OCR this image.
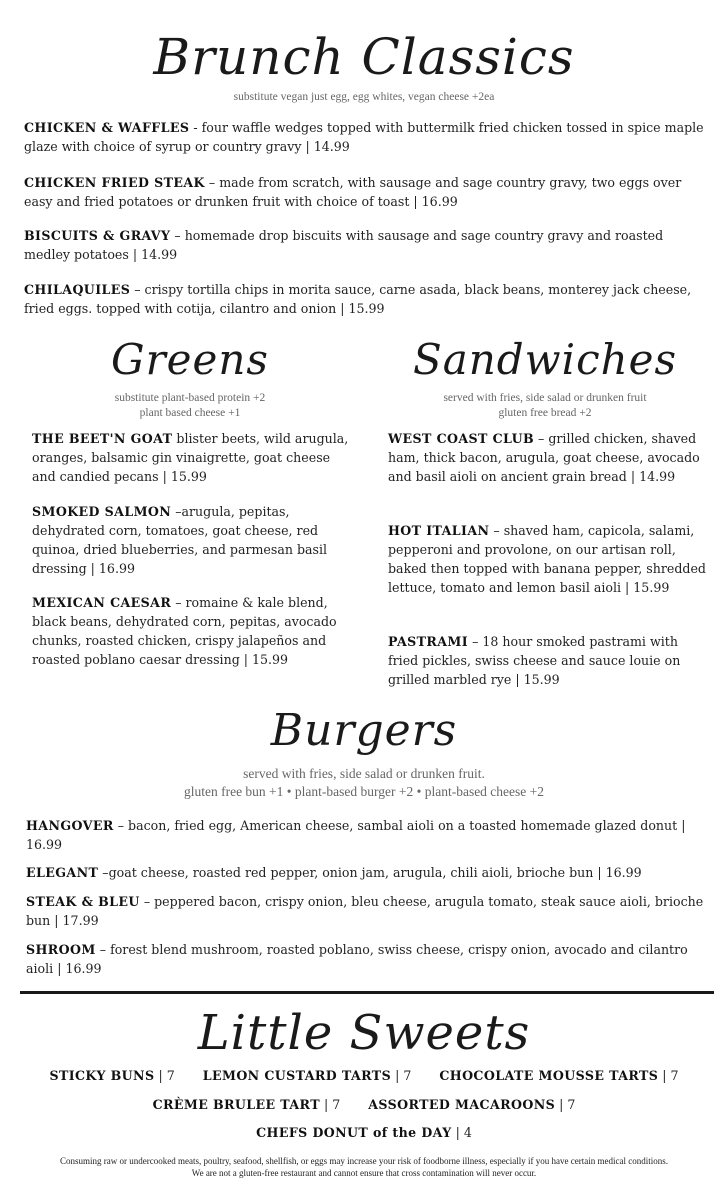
Brunch Classics
substitute vegan just egg, egg whites, vegan cheese +2ea

CHICKEN & WAFFLES - four waffle wedges topped with buttermilk fried chicken tossed in spice maple glaze with choice of syrup or country gravy | 14.99

CHICKEN FRIED STEAK – made from scratch, with sausage and sage country gravy, two eggs over easy and fried potatoes or drunken fruit with choice of toast | 16.99

BISCUITS & GRAVY – homemade drop biscuits with sausage and sage country gravy and roasted medley potatoes | 14.99

CHILAQUILES – crispy tortilla chips in morita sauce, carne asada, black beans, monterey jack cheese, fried eggs. topped with cotija, cilantro and onion | 15.99

Greens
substitute plant-based protein +2
plant based cheese +1

THE BEET'N GOAT blister beets, wild arugula, oranges, balsamic gin vinaigrette, goat cheese and candied pecans | 15.99

SMOKED SALMON –arugula, pepitas, dehydrated corn, tomatoes, goat cheese, red quinoa, dried blueberries, and parmesan basil dressing | 16.99

MEXICAN CAESAR – romaine & kale blend, black beans, dehydrated corn, pepitas, avocado chunks, roasted chicken, crispy jalapeños and roasted poblano caesar dressing | 15.99

Sandwiches
served with fries, side salad or drunken fruit
gluten free bread +2

WEST COAST CLUB – grilled chicken, shaved ham, thick bacon, arugula, goat cheese, avocado and basil aioli on ancient grain bread | 14.99

HOT ITALIAN – shaved ham, capicola, salami, pepperoni and provolone, on our artisan roll, baked then topped with banana pepper, shredded lettuce, tomato and lemon basil aioli | 15.99

PASTRAMI – 18 hour smoked pastrami with fried pickles, swiss cheese and sauce louie on grilled marbled rye | 15.99

Burgers
served with fries, side salad or drunken fruit.
gluten free bun +1 • plant-based burger +2 • plant-based cheese +2

HANGOVER – bacon, fried egg, American cheese, sambal aioli on a toasted homemade glazed donut | 16.99

ELEGANT –goat cheese, roasted red pepper, onion jam, arugula, chili aioli, brioche bun | 16.99

STEAK & BLEU – peppered bacon, crispy onion, bleu cheese, arugula tomato, steak sauce aioli, brioche bun | 17.99

SHROOM – forest blend mushroom, roasted poblano, swiss cheese, crispy onion, avocado and cilantro aioli | 16.99

Little Sweets
STICKY BUNS | 7 LEMON CUSTARD TARTS | 7 CHOCOLATE MOUSSE TARTS | 7
CRÈME BRULEE TART | 7 ASSORTED MACAROONS | 7
CHEFS DONUT of the DAY | 4
Consuming raw or undercooked meats, poultry, seafood, shellfish, or eggs may increase your risk of foodborne illness, especially if you have certain medical conditions.
We are not a gluten-free restaurant and cannot ensure that cross contamination will never occur.
